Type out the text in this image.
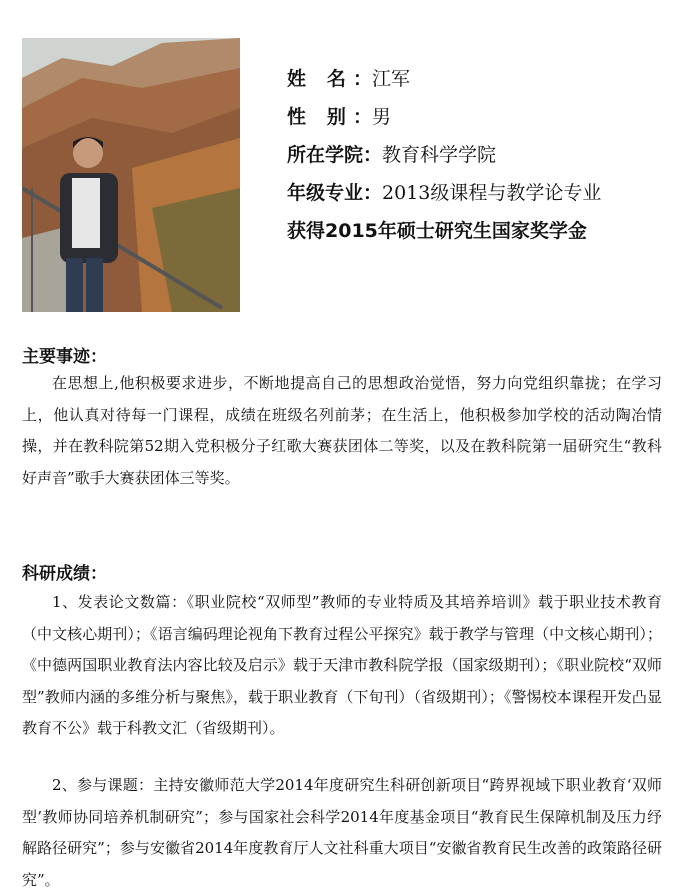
姓 名：江军
性 别：男
所在学院：教育科学学院
年级专业：2013级课程与教学论专业
获得2015年硕士研究生国家奖学金
主要事迹：
在思想上,他积极要求进步，不断地提高自己的思想政治觉悟，努力向党组织靠拢；在学习上，他认真对待每一门课程，成绩在班级名列前茅；在生活上，他积极参加学校的活动陶冶情操，并在教科院第52期入党积极分子红歌大赛获团体二等奖，以及在教科院第一届研究生“教科好声音”歌手大赛获团体三等奖。
科研成绩：
1、发表论文数篇：《职业院校“双师型”教师的专业特质及其培养培训》载于职业技术教育（中文核心期刊）；《语言编码理论视角下教育过程公平探究》载于教学与管理（中文核心期刊）；《中德两国职业教育法内容比较及启示》载于天津市教科院学报（国家级期刊）；《职业院校“双师型”教师内涵的多维分析与聚焦》，载于职业教育（下旬刊）（省级期刊）；《警惕校本课程开发凸显教育不公》载于科教文汇（省级期刊）。
2、参与课题：主持安徽师范大学2014年度研究生科研创新项目“跨界视域下职业教育‘双师型’教师协同培养机制研究”；参与国家社会科学2014年度基金项目“教育民生保障机制及压力纾解路径研究”；参与安徽省2014年度教育厅人文社科重大项目“安徽省教育民生改善的政策路径研究”。
